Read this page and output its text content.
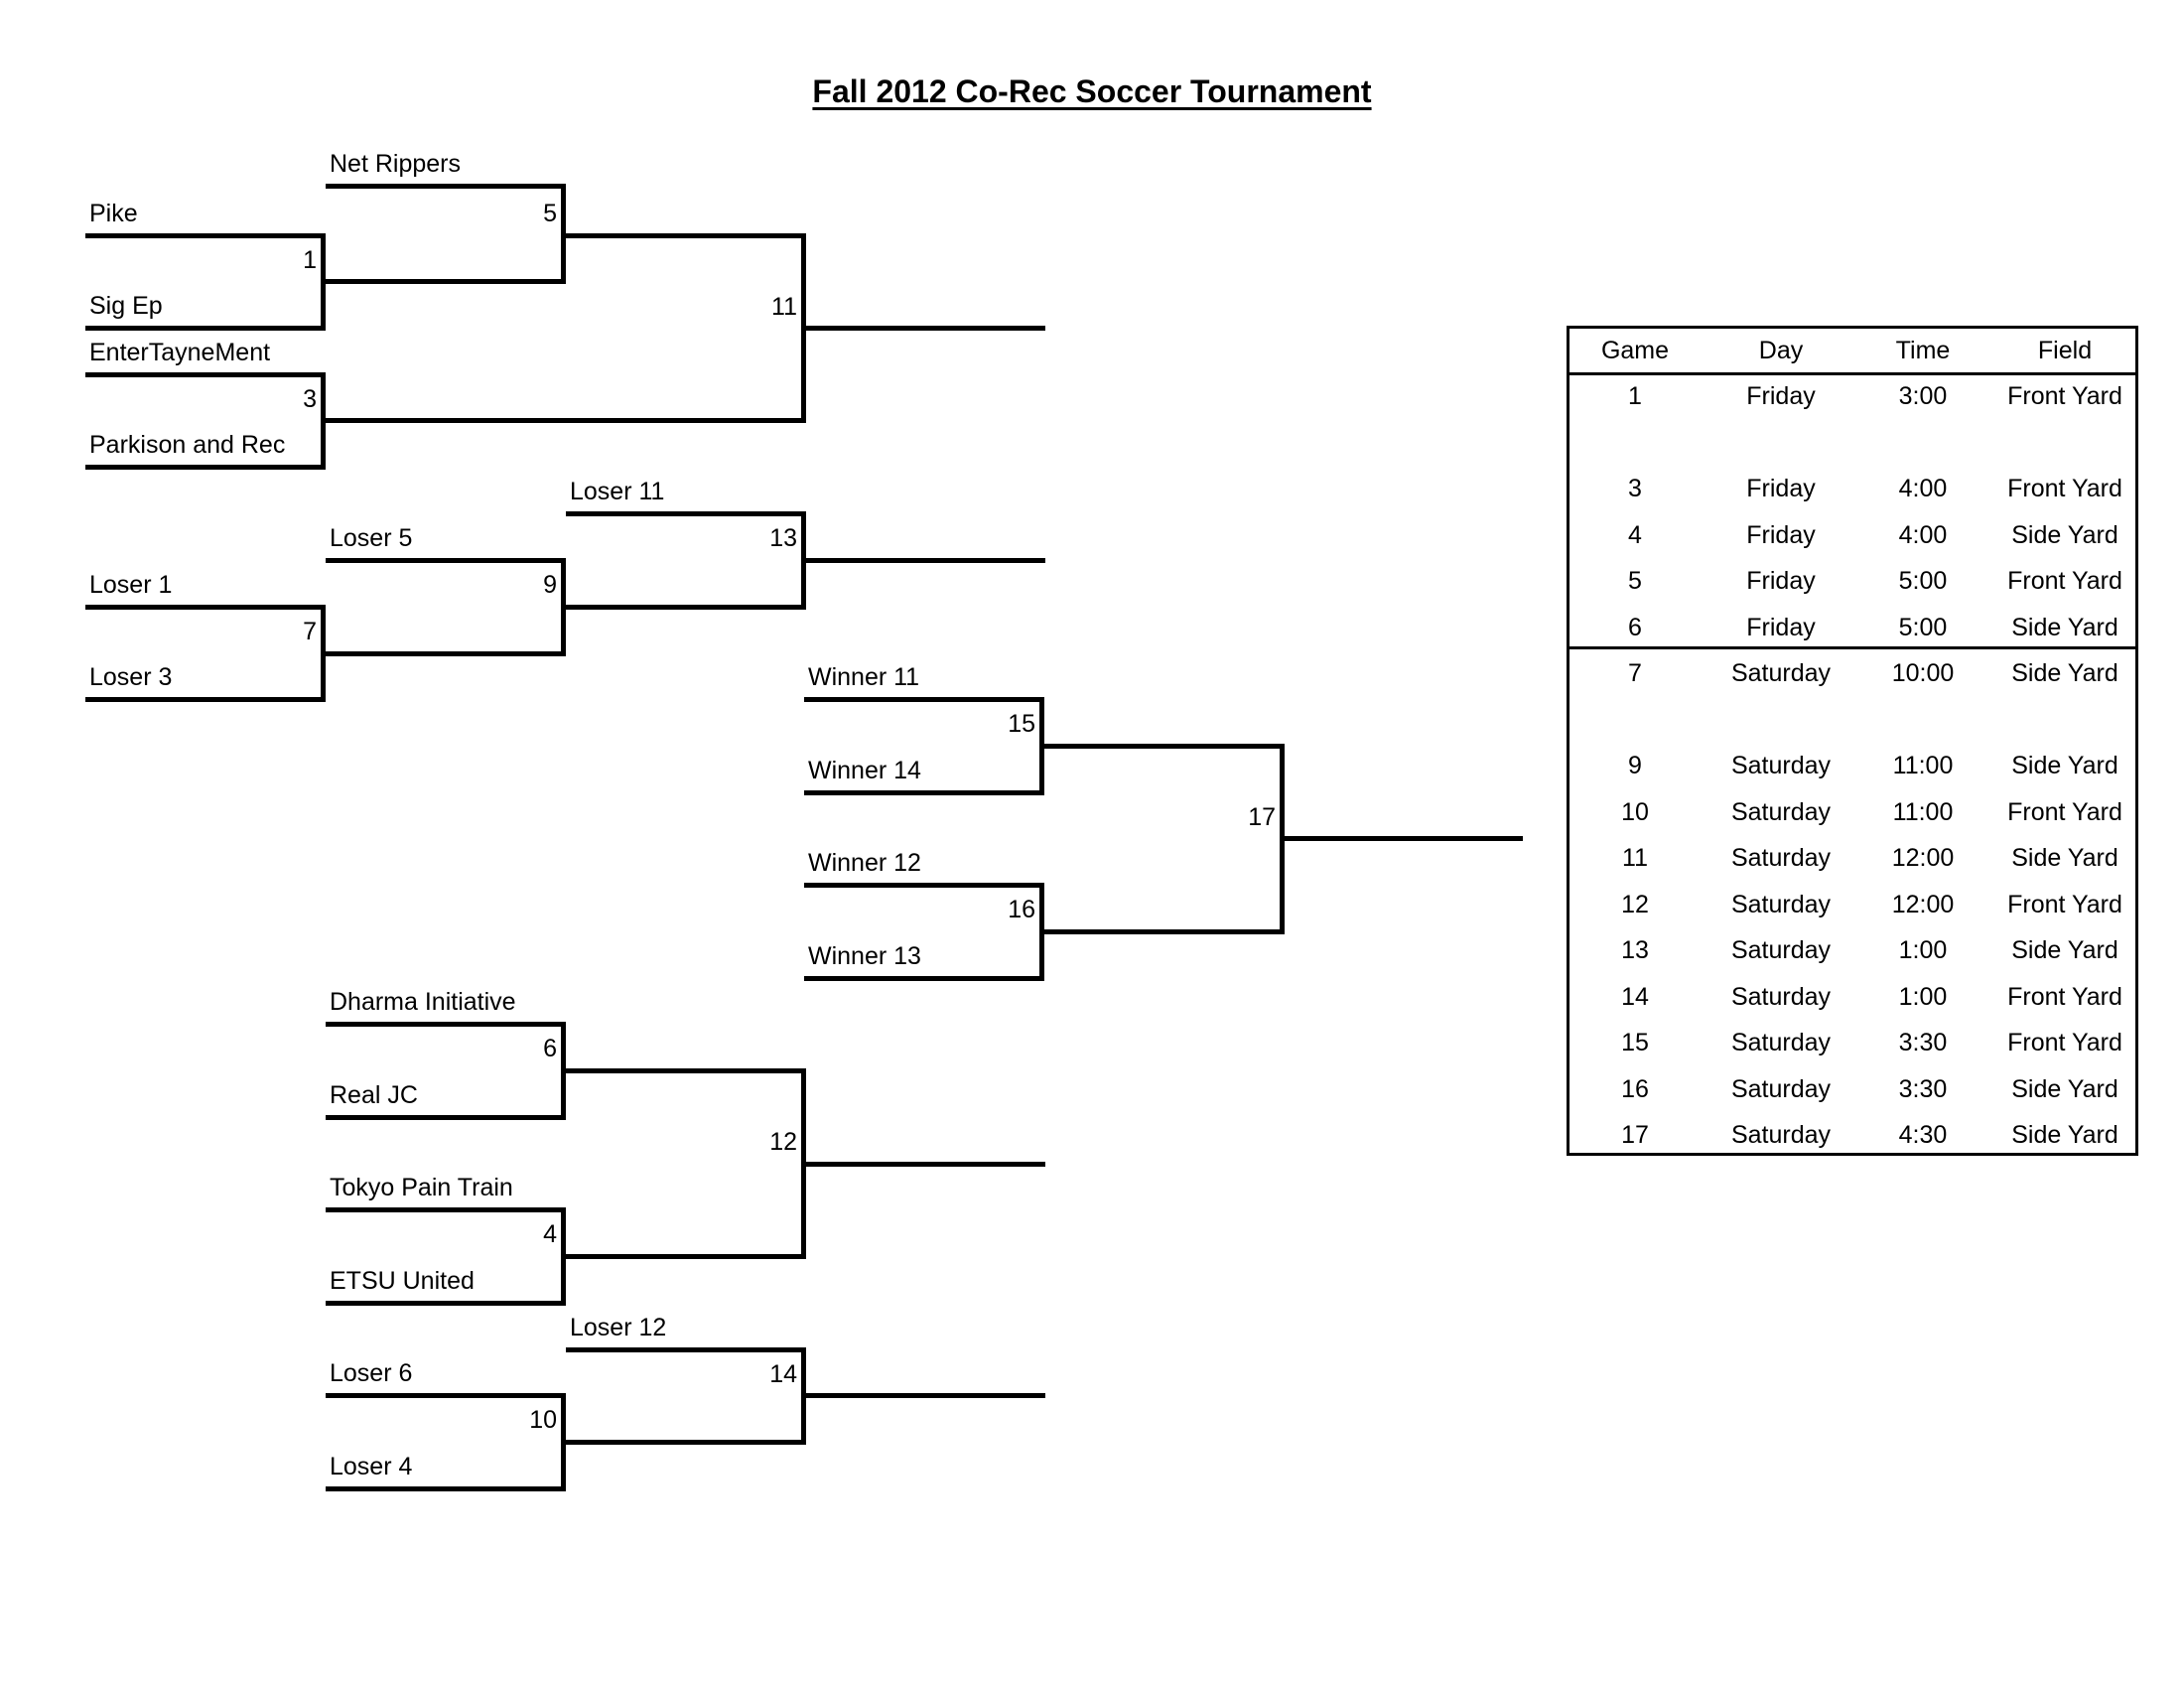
Fall 2012 Co-Rec Soccer Tournament
Net Rippers
Pike
Sig Ep
1
5
EnterTayneMent
Parkison and Rec
3
11
Loser 11
Loser 5
Loser 1
Loser 3
7
9
13
Winner 11
Winner 14
15
Winner 12
Winner 13
16
17
Dharma Initiative
Real JC
6
Tokyo Pain Train
ETSU United
4
12
Loser 12
Loser 6
Loser 4
10
14
Game	Day	Time	Field
1	Friday	3:00	Front Yard
3	Friday	4:00	Front Yard
4	Friday	4:00	Side Yard
5	Friday	5:00	Front Yard
6	Friday	5:00	Side Yard
7	Saturday	10:00	Side Yard
9	Saturday	11:00	Side Yard
10	Saturday	11:00	Front Yard
11	Saturday	12:00	Side Yard
12	Saturday	12:00	Front Yard
13	Saturday	1:00	Side Yard
14	Saturday	1:00	Front Yard
15	Saturday	3:30	Front Yard
16	Saturday	3:30	Side Yard
17	Saturday	4:30	Side Yard
